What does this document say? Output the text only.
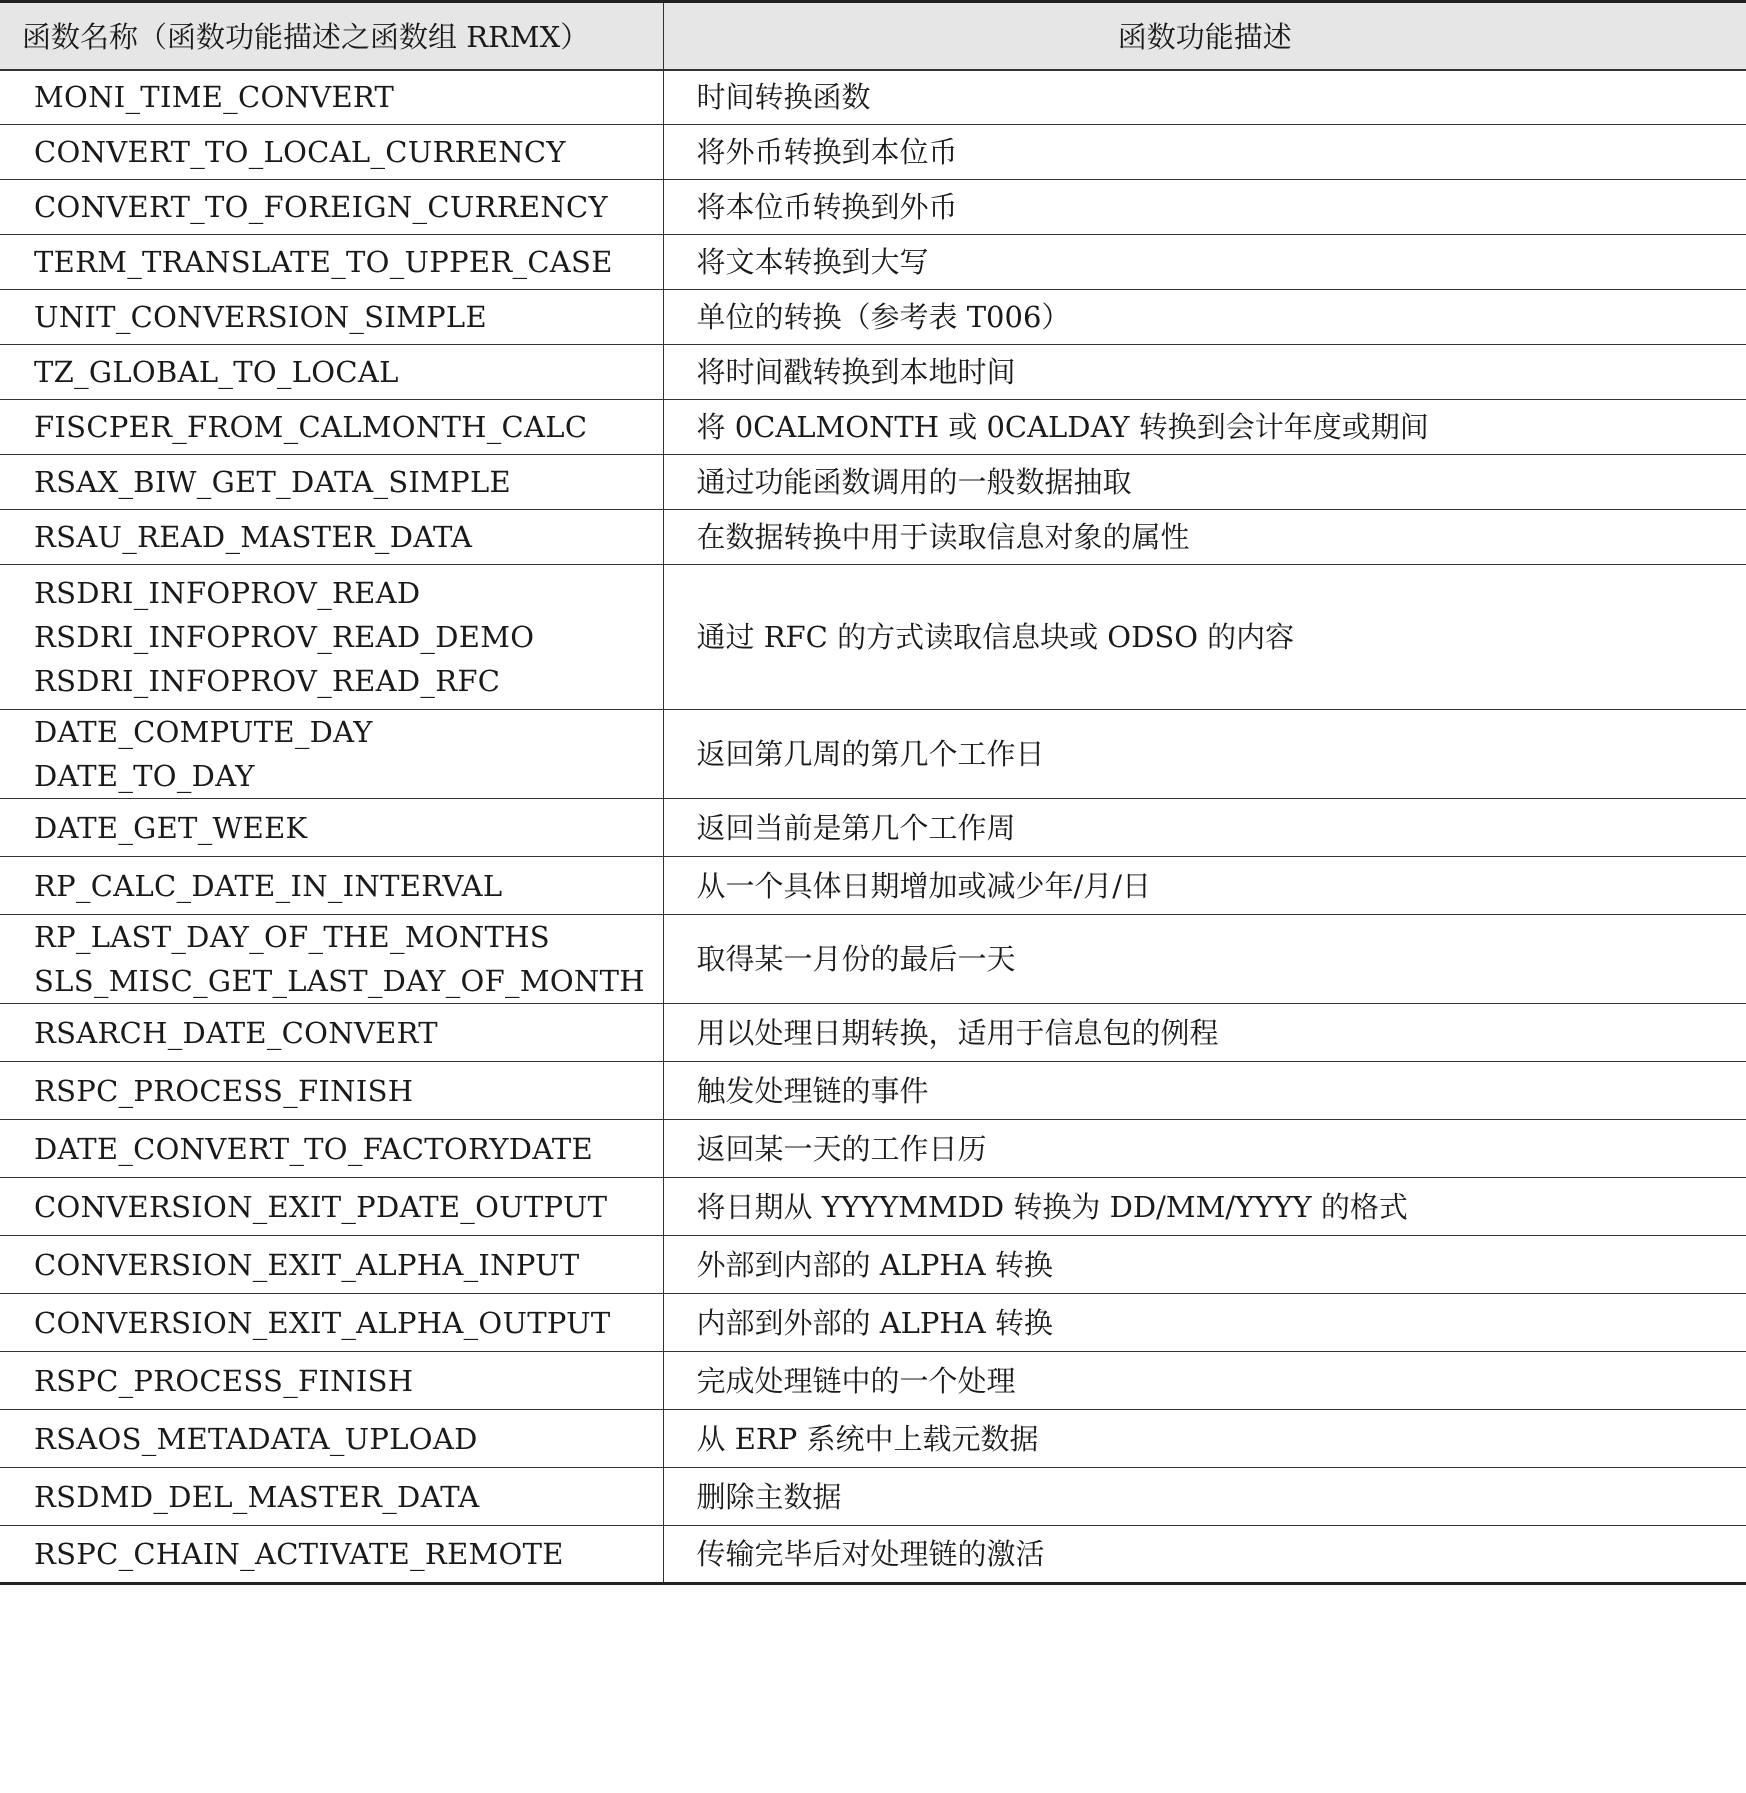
函数名称（函数功能描述之函数组 RRMX）	函数功能描述

MONI_TIME_CONVERT	时间转换函数

CONVERT_TO_LOCAL_CURRENCY	将外币转换到本位币

CONVERT_TO_FOREIGN_CURRENCY	将本位币转换到外币

TERM_TRANSLATE_TO_UPPER_CASE	将文本转换到大写

UNIT_CONVERSION_SIMPLE	单位的转换（参考表 T006）

TZ_GLOBAL_TO_LOCAL	将时间戳转换到本地时间

FISCPER_FROM_CALMONTH_CALC	将 0CALMONTH 或 0CALDAY 转换到会计年度或期间

RSAX_BIW_GET_DATA_SIMPLE	通过功能函数调用的一般数据抽取

RSAU_READ_MASTER_DATA	在数据转换中用于读取信息对象的属性

RSDRI_INFOPROV_READ
RSDRI_INFOPROV_READ_DEMO
RSDRI_INFOPROV_READ_RFC	通过 RFC 的方式读取信息块或 ODSO 的内容

DATE_COMPUTE_DAY
DATE_TO_DAY	返回第几周的第几个工作日

DATE_GET_WEEK	返回当前是第几个工作周

RP_CALC_DATE_IN_INTERVAL	从一个具体日期增加或减少年/月/日

RP_LAST_DAY_OF_THE_MONTHS
SLS_MISC_GET_LAST_DAY_OF_MONTH	取得某一月份的最后一天

RSARCH_DATE_CONVERT	用以处理日期转换，适用于信息包的例程

RSPC_PROCESS_FINISH	触发处理链的事件

DATE_CONVERT_TO_FACTORYDATE	返回某一天的工作日历

CONVERSION_EXIT_PDATE_OUTPUT	将日期从 YYYYMMDD 转换为 DD/MM/YYYY 的格式

CONVERSION_EXIT_ALPHA_INPUT	外部到内部的 ALPHA 转换

CONVERSION_EXIT_ALPHA_OUTPUT	内部到外部的 ALPHA 转换

RSPC_PROCESS_FINISH	完成处理链中的一个处理

RSAOS_METADATA_UPLOAD	从 ERP 系统中上载元数据

RSDMD_DEL_MASTER_DATA	删除主数据

RSPC_CHAIN_ACTIVATE_REMOTE	传输完毕后对处理链的激活
